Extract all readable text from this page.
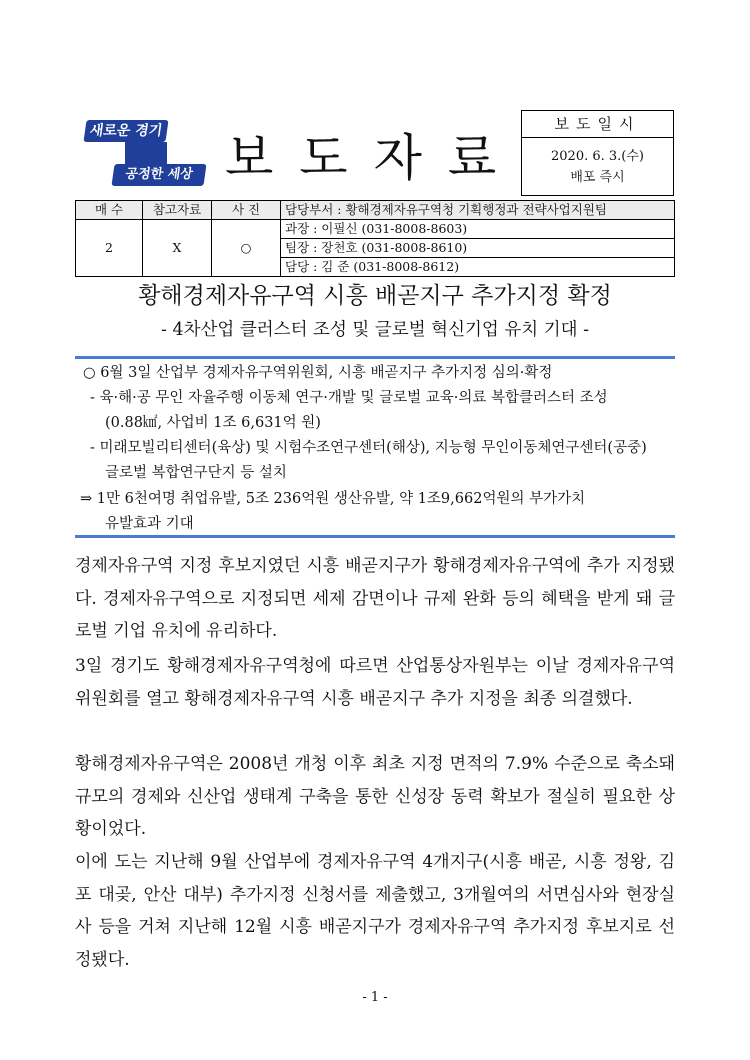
새로운 경기
공정한 세상 보도자료
보도일시
2020. 6. 3.(수)
배포 즉시
매 수	참고자료	사 진	담당부서 : 황해경제자유구역청 기획행정과 전략사업지원팀
2	X	○	과장 : 이필신 (031-8008-8603)
			팀장 : 장천호 (031-8008-8610)
			담당 : 김 준 (031-8008-8612)
황해경제자유구역 시흥 배곧지구 추가지정 확정
- 4차산업 클러스터 조성 및 글로벌 혁신기업 유치 기대 -
○ 6월 3일 산업부 경제자유구역위원회, 시흥 배곧지구 추가지정 심의·확정
- 육·해·공 무인 자율주행 이동체 연구·개발 및 글로벌 교육·의료 복합클러스터 조성
(0.88㎢, 사업비 1조 6,631억 원)
- 미래모빌리티센터(육상) 및 시험수조연구센터(해상), 지능형 무인이동체연구센터(공중)
글로벌 복합연구단지 등 설치
⇒ 1만 6천여명 취업유발, 5조 236억원 생산유발, 약 1조9,662억원의 부가가치
유발효과 기대
경제자유구역 지정 후보지였던 시흥 배곧지구가 황해경제자유구역에 추가 지정됐다. 경제자유구역으로 지정되면 세제 감면이나 규제 완화 등의 혜택을 받게 돼 글로벌 기업 유치에 유리하다.
3일 경기도 황해경제자유구역청에 따르면 산업통상자원부는 이날 경제자유구역위원회를 열고 황해경제자유구역 시흥 배곧지구 추가 지정을 최종 의결했다.
황해경제자유구역은 2008년 개청 이후 최초 지정 면적의 7.9% 수준으로 축소돼 규모의 경제와 신산업 생태계 구축을 통한 신성장 동력 확보가 절실히 필요한 상황이었다.
이에 도는 지난해 9월 산업부에 경제자유구역 4개지구(시흥 배곧, 시흥 정왕, 김포 대곶, 안산 대부) 추가지정 신청서를 제출했고, 3개월여의 서면심사와 현장실사 등을 거쳐 지난해 12월 시흥 배곧지구가 경제자유구역 추가지정 후보지로 선정됐다.
- 1 -
